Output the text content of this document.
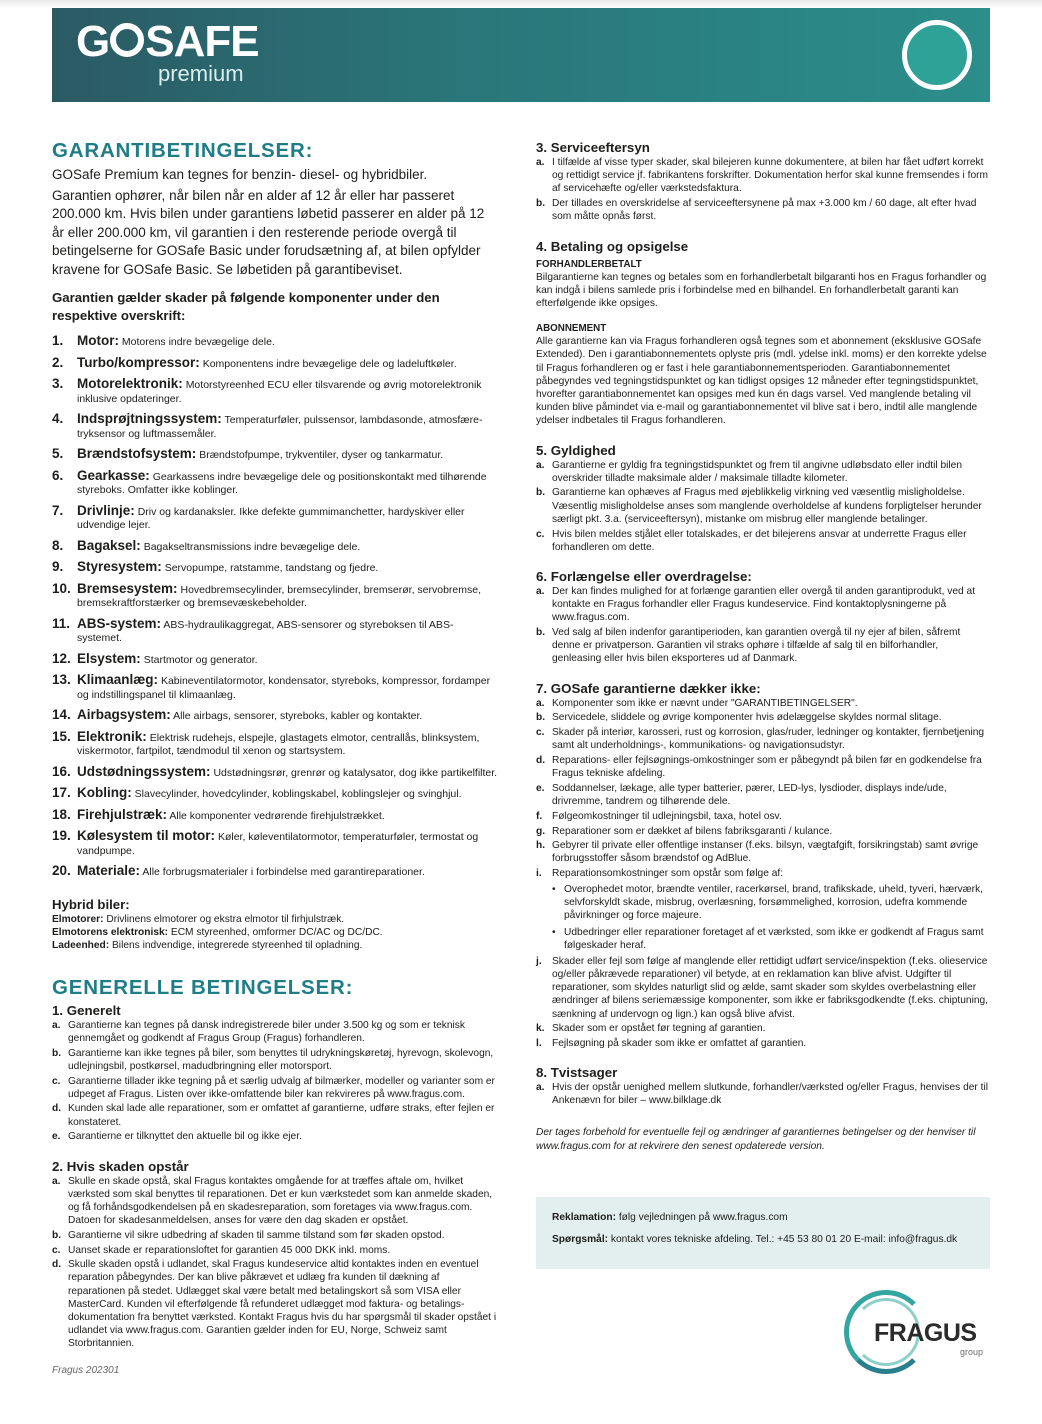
G SAFE
premium
GARANTIBETINGELSER:

GOSafe Premium kan tegnes for benzin- diesel- og hybridbiler.

Garantien ophører, når bilen når en alder af 12 år eller har passeret 200.000 km. Hvis bilen under garantiens løbetid passerer en alder på 12 år eller 200.000 km, vil garantien i den resterende periode overgå til betingelserne for GOSafe Basic under forudsætning af, at bilen opfylder kravene for GOSafe Basic. Se løbetiden på garantibeviset.

Garantien gælder skader på følgende komponenter under den respektive overskrift:
1.	Motor: Motorens indre bevægelige dele.
2.	Turbo/kompressor: Komponentens indre bevægelige dele og ladeluftkøler.
3.	Motorelektronik: Motorstyreenhed ECU eller tilsvarende og øvrig motorelektronik inklusive opdateringer.
4.	Indsprøjtningssystem: Temperaturføler, pulssensor, lambdasonde, atmosfæretryksensor og luftmassemåler.
5.	Brændstofsystem: Brændstofpumpe, trykventiler, dyser og tankarmatur.
6.	Gearkasse: Gearkassens indre bevægelige dele og positionskontakt med tilhørende styreboks. Omfatter ikke koblinger.
7.	Drivlinje: Driv og kardanaksler. Ikke defekte gummimanchetter, hardyskiver eller udvendige lejer.
8.	Bagaksel: Bagakseltransmissions indre bevægelige dele.
9.	Styresystem: Servopumpe, ratstamme, tandstang og fjedre.
10. Bremsesystem: Hovedbremsecylinder, bremsecylinder, bremserør, servobremse, bremsekraftforstærker og bremsevæskebeholder.
11. ABS-system: ABS-hydraulikaggregat, ABS-sensorer og styreboksen til ABS-systemet.
12. Elsystem: Startmotor og generator.
13. Klimaanlæg: Kabineventilatormotor, kondensator, styreboks, kompressor, fordamper og indstillingspanel til klimaanlæg.
14. Airbagsystem: Alle airbags, sensorer, styreboks, kabler og kontakter.
15. Elektronik: Elektrisk rudehejs, elspejle, glastagets elmotor, centrallås, blinksystem, viskermotor, fartpilot, tændmodul til xenon og startsystem.
16. Udstødningssystem: Udstødningsrør, grenrør og katalysator, dog ikke partikelfilter.
17. Kobling: Slavecylinder, hovedcylinder, koblingskabel, koblingslejer og svinghjul.
18. Firehjulstræk: Alle komponenter vedrørende firehjulstrækket.
19. Kølesystem til motor: Køler, køleventilatormotor, temperaturføler, termostat og vandpumpe.
20. Materiale: Alle forbrugsmaterialer i forbindelse med garantireparationer.
Hybrid biler:
Elmotorer: Drivlinens elmotorer og ekstra elmotor til firhjulstræk.
Elmotorens elektronisk: ECM styreenhed, omformer DC/AC og DC/DC.
Ladeenhed: Bilens indvendige, integrerede styreenhed til opladning.
GENERELLE BETINGELSER:
1. Generelt
a. Garantierne kan tegnes på dansk indregistrerede biler under 3.500 kg og som er teknisk gennemgået og godkendt af Fragus Group (Fragus) forhandleren.
b. Garantierne kan ikke tegnes på biler, som benyttes til udrykningskøretøj, hyrevogn, skolevogn, udlejningsbil, postkørsel, madudbringning eller motorsport.
c. Garantierne tillader ikke tegning på et særlig udvalg af bilmærker, modeller og varianter som er udpeget af Fragus. Listen over ikke-omfattende biler kan rekvireres på www.fragus.com.
d. Kunden skal lade alle reparationer, som er omfattet af garantierne, udføre straks, efter fejlen er konstateret.
e. Garantierne er tilknyttet den aktuelle bil og ikke ejer.
2. Hvis skaden opstår
a. Skulle en skade opstå, skal Fragus kontaktes omgående for at træffes aftale om, hvilket værksted som skal benyttes til reparationen. Det er kun værkstedet som kan anmelde skaden, og få forhåndsgodkendelsen på en skadesreparation, som foretages via www.fragus.com. Datoen for skadesanmeldelsen, anses for være den dag skaden er opstået.
b. Garantierne vil sikre udbedring af skaden til samme tilstand som før skaden opstod.
c. Uanset skade er reparationsloftet for garantien 45 000 DKK inkl. moms.
d. Skulle skaden opstå i udlandet, skal Fragus kundeservice altid kontaktes inden en eventuel reparation påbegyndes. Der kan blive påkrævet et udlæg fra kunden til dækning af reparationen på stedet. Udlægget skal være betalt med betalingskort så som VISA eller MasterCard. Kunden vil efterfølgende få refunderet udlægget mod faktura- og betalingsdokumentation fra benyttet værksted. Kontakt Fragus hvis du har spørgsmål til skader opstået i udlandet via www.fragus.com. Garantien gælder inden for EU, Norge, Schweiz samt Storbritannien.
3. Serviceeftersyn
a. I tilfælde af visse typer skader, skal bilejeren kunne dokumentere, at bilen har fået udført korrekt og rettidigt service jf. fabrikantens forskrifter. Dokumentation herfor skal kunne fremsendes i form af servicehæfte og/eller værkstedsfaktura.
b. Der tillades en overskridelse af serviceeftersynene på max +3.000 km / 60 dage, alt efter hvad som måtte opnås først.
4. Betaling og opsigelse
FORHANDLERBETALT
Bilgarantierne kan tegnes og betales som en forhandlerbetalt bilgaranti hos en Fragus forhandler og kan indgå i bilens samlede pris i forbindelse med en bilhandel. En forhandlerbetalt garanti kan efterfølgende ikke opsiges.
ABONNEMENT
Alle garantierne kan via Fragus forhandleren også tegnes som et abonnement (eksklusive GOSafe Extended). Den i garantiabonnementets oplyste pris (mdl. ydelse inkl. moms) er den korrekte ydelse til Fragus forhandleren og er fast i hele garantiabonnementsperioden. Garantiabonnementet påbegyndes ved tegningstidspunktet og kan tidligst opsiges 12 måneder efter tegningstidspunktet, hvorefter garantiabonnementet kan opsiges med kun én dags varsel. Ved manglende betaling vil kunden blive påmindet via e-mail og garantiabonnementet vil blive sat i bero, indtil alle manglende ydelser indbetales til Fragus forhandleren.
5. Gyldighed
a. Garantierne er gyldig fra tegningstidspunktet og frem til angivne udløbsdato eller indtil bilen overskrider tilladte maksimale alder / maksimale tilladte kilometer.
b. Garantierne kan ophæves af Fragus med øjeblikkelig virkning ved væsentlig misligholdelse. Væsentlig misligholdelse anses som manglende overholdelse af kundens forpligtelser herunder særligt pkt. 3.a. (serviceeftersyn), mistanke om misbrug eller manglende betalinger.
c. Hvis bilen meldes stjålet eller totalskades, er det bilejerens ansvar at underrette Fragus eller forhandleren om dette.
6. Forlængelse eller overdragelse:
a. Der kan findes mulighed for at forlænge garantien eller overgå til anden garantiprodukt, ved at kontakte en Fragus forhandler eller Fragus kundeservice. Find kontaktoplysningerne på www.fragus.com.
b. Ved salg af bilen indenfor garantiperioden, kan garantien overgå til ny ejer af bilen, såfremt denne er privatperson. Garantien vil straks ophøre i tilfælde af salg til en bilforhandler, genleasing eller hvis bilen eksporteres ud af Danmark.
7. GOSafe garantierne dækker ikke:
a. Komponenter som ikke er nævnt under "GARANTIBETINGELSER".
b. Servicedele, sliddele og øvrige komponenter hvis ødelæggelse skyldes normal slitage.
c. Skader på interiør, karosseri, rust og korrosion, glas/ruder, ledninger og kontakter, fjernbetjening samt alt underholdnings-, kommunikations- og navigationsudstyr.
d. Reparations- eller fejlsøgnings-omkostninger som er påbegyndt på bilen før en godkendelse fra Fragus tekniske afdeling.
e. Soddannelser, lækage, alle typer batterier, pærer, LED-lys, lysdioder, displays inde/ude, drivremme, tandrem og tilhørende dele.
f. Følgeomkostninger til udlejningsbil, taxa, hotel osv.
g. Reparationer som er dækket af bilens fabriksgaranti / kulance.
h. Gebyrer til private eller offentlige instanser (f.eks. bilsyn, vægtafgift, forsikringstab) samt øvrige forbrugsstoffer såsom brændstof og AdBlue.
i.	Reparationsomkostninger som opstår som følge af:
• Overophedet motor, brændte ventiler, racerkørsel, brand, trafikskade, uheld, tyveri, hærværk, selvforskyldt skade, misbrug, overlæsning, forsømmelighed, korrosion, udefra kommende påvirkninger og force majeure.
• Udbedringer eller reparationer foretaget af et værksted, som ikke er godkendt af Fragus samt følgeskader heraf.
j.	Skader eller fejl som følge af manglende eller rettidigt udført service/inspektion (f.eks. olieservice og/eller påkrævede reparationer) vil betyde, at en reklamation kan blive afvist. Udgifter til reparationer, som skyldes naturligt slid og ælde, samt skader som skyldes overbelastning eller ændringer af bilens seriemæssige komponenter, som ikke er fabriksgodkendte (f.eks. chiptuning, sænkning af undervogn og lign.) kan også blive afvist.
k. Skader som er opstået før tegning af garantien.
l.	Fejlsøgning på skader som ikke er omfattet af garantien.
8. Tvistsager
a. Hvis der opstår uenighed mellem slutkunde, forhandler/værksted og/eller Fragus, henvises der til Ankenævn for biler – www.bilklage.dk
Der tages forbehold for eventuelle fejl og ændringer af garantiernes betingelser og der henviser til www.fragus.com for at rekvirere den senest opdaterede version.
Reklamation: følg vejledningen på www.fragus.com
Spørgsmål: kontakt vores tekniske afdeling. Tel.: +45 53 80 01 20 E-mail: info@fragus.dk
FRAGUS
group
Fragus 202301
